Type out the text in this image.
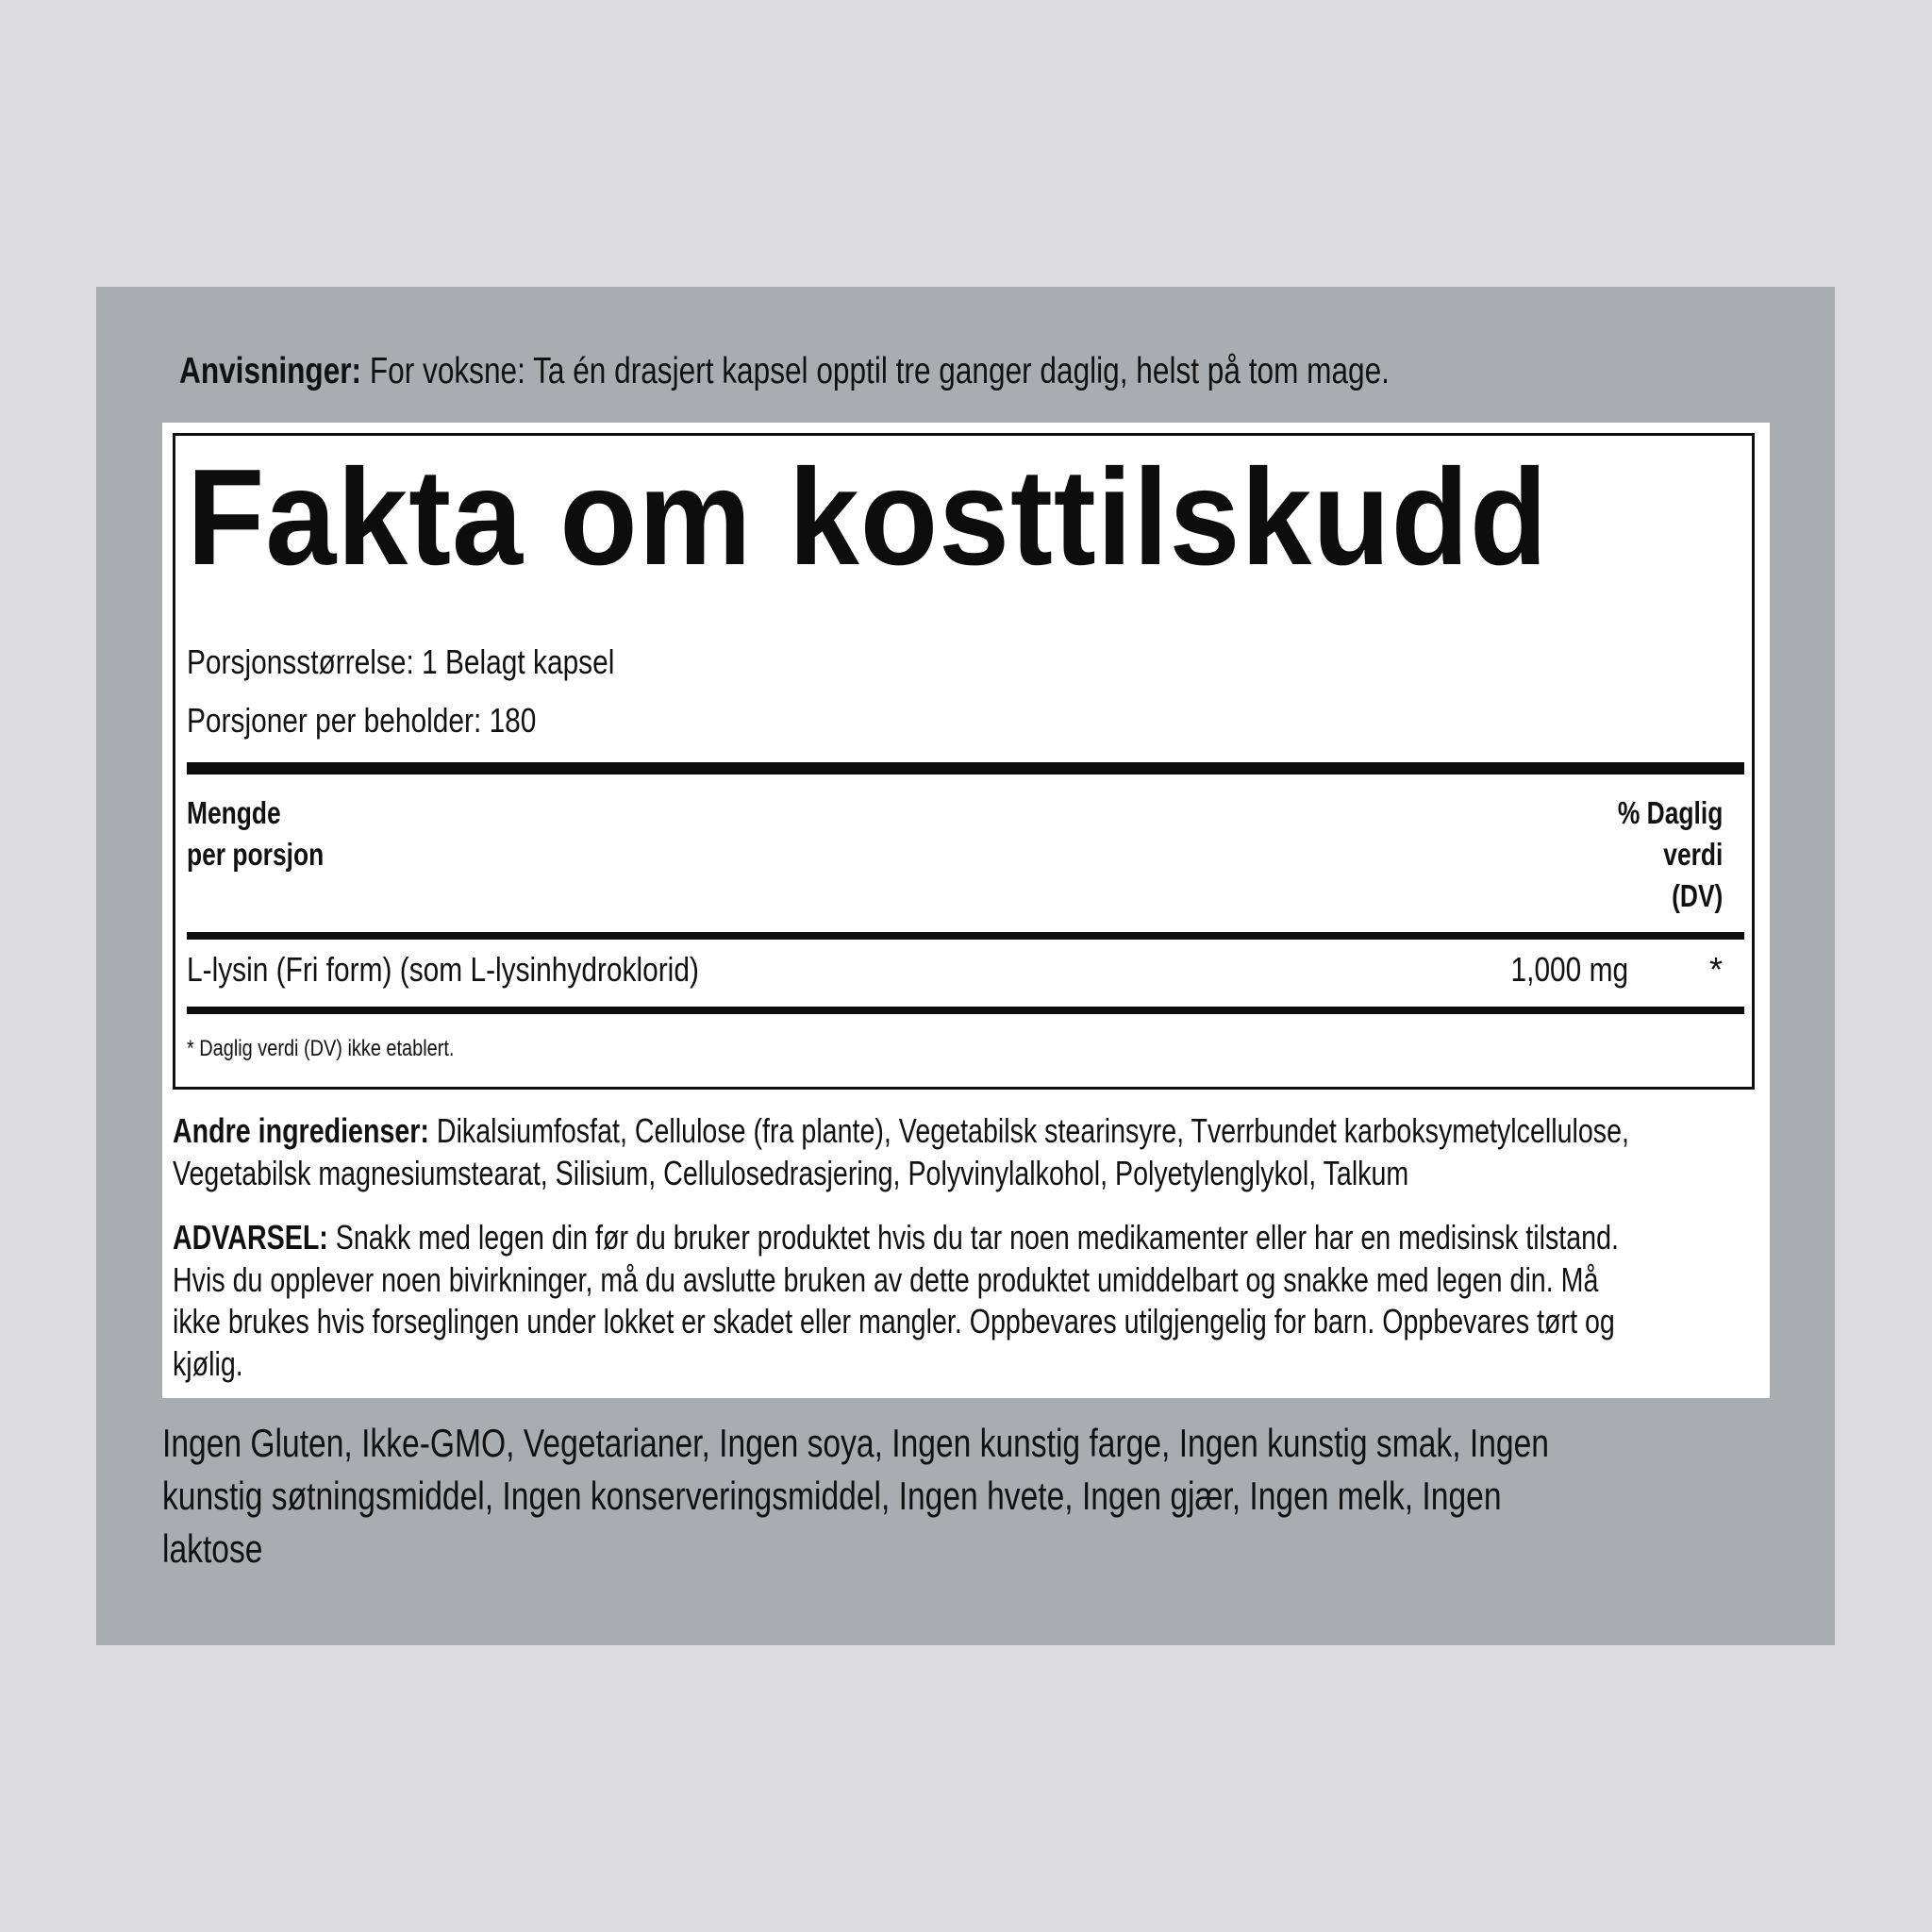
Anvisninger: For voksne: Ta én drasjert kapsel opptil tre ganger daglig, helst på tom mage.
Fakta om kosttilskudd
Porsjonsstørrelse: 1 Belagt kapsel
Porsjoner per beholder: 180
Mengde
per porsjon
% Daglig
verdi
(DV)
L-lysin (Fri form) (som L-lysinhydroklorid)	1,000 mg *
* Daglig verdi (DV) ikke etablert.
Andre ingredienser: Dikalsiumfosfat, Cellulose (fra plante), Vegetabilsk stearinsyre, Tverrbundet karboksymetylcellulose,
Vegetabilsk magnesiumstearat, Silisium, Cellulosedrasjering, Polyvinylalkohol, Polyetylenglykol, Talkum
ADVARSEL: Snakk med legen din før du bruker produktet hvis du tar noen medikamenter eller har en medisinsk tilstand.
Hvis du opplever noen bivirkninger, må du avslutte bruken av dette produktet umiddelbart og snakke med legen din. Må
ikke brukes hvis forseglingen under lokket er skadet eller mangler. Oppbevares utilgjengelig for barn. Oppbevares tørt og
kjølig.
Ingen Gluten, Ikke-GMO, Vegetarianer, Ingen soya, Ingen kunstig farge, Ingen kunstig smak, Ingen
kunstig søtningsmiddel, Ingen konserveringsmiddel, Ingen hvete, Ingen gjær, Ingen melk, Ingen
laktose
